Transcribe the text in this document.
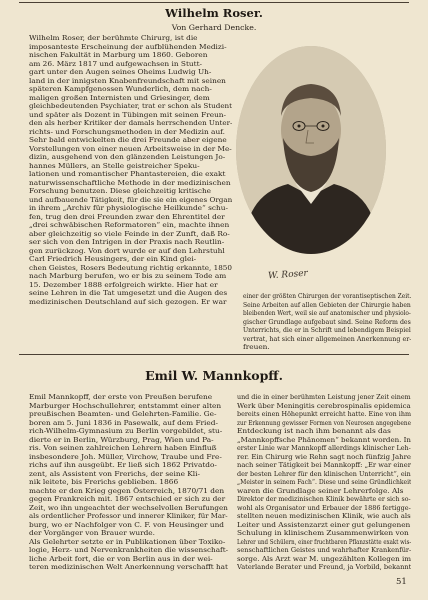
Wilhelm Roser.
Von Gerhard Dencke.
Wilhelm Roser, der berühmte Chirurg, ist die
imposanteste Erscheinung der aufblühenden Medizi-
nischen Fakultät in Marburg um 1860. Geboren
am 26. März 1817 und aufgewachsen in Stutt-
gart unter den Augen seines Oheims Ludwig Uh-
land in der innigsten Knabenfreundschaft mit seinen
späteren Kampfgenossen Wunderlich, dem nach-
maligen großen Internisten und Griesinger, dem
gleichbedeutenden Psychiater, trat er schon als Student
und später als Dozent in Tübingen mit seinen Freun-
den als herber Kritiker der damals herrschenden Unter-
richts- und Forschungsmethoden in der Medizin auf.
Sehr bald entwickelten die drei Freunde aber eigene
Vorstellungen von einer neuen Arbeitsweise in der Me-
dizin, ausgehend von den glänzenden Leistungen Jo-
hannes Müllers, an Stelle geistreicher Speku-
lationen und romantischer Phantastereien, die exakt
naturwissenschaftliche Methode in der medizinischen
Forschung benutzen. Diese gleichzeitig kritische
und aufbauende Tätigkeit, für die sie ein eigenes Organ
in ihrem „Archiv für physiologische Heilkunde“ schu-
fen, trug den drei Freunden zwar den Ehrentitel der
„drei schwäbischen Reformatoren“ ein, machte ihnen
aber gleichzeitig so viele Feinde in der Zunft, daß Ro-
ser sich von den Intrigen in der Praxis nach Reutlin-
gen zurückzog. Von dort wurde er auf den Lehrstuhl
Carl Friedrich Heusingers, der ein Kind glei-
chen Geistes, Rosers Bedeutung richtig erkannte, 1850
nach Marburg berufen, wo er bis zu seinem Tode am
15. Dezember 1888 erfolgreich wirkte. Hier hat er
seine Lehren in die Tat umgesetzt und die Augen des
medizinischen Deutschland auf sich gezogen. Er war
W. Roser
einer der größten Chirurgen der vorantiseptischen Zeit.
Seine Arbeiten auf allen Gebieten der Chirurgie haben
bleibenden Wert, weil sie auf anatomischer und physiolo-
gischer Grundlage aufgebaut sind. Seine Reform des
Unterrichts, die er in Schrift und lebendigem Beispiel
vertrat, hat sich einer allgemeinen Anerkennung er-
freuen.
Emil W. Mannkopff.
Emil Mannkopff, der erste von Preußen berufene
Marburger Hochschullehrer, entstammt einer alten
preußischen Beamten- und Gelehrten-Familie. Ge-
boren am 5. Juni 1836 in Pasewalk, auf dem Fried-
rich-Wilhelm-Gymnasium zu Berlin vorgebildet, stu-
dierte er in Berlin, Würzburg, Prag, Wien und Pa-
ris. Von seinen zahlreichen Lehrern haben Einfluß
insbesondere Joh. Müller, Virchow, Traube und Fre-
richs auf ihn ausgeübt. Er ließ sich 1862 Privatdo-
zent, als Assistent von Frerichs, der seine Kli-
nik leitete, bis Frerichs geblieben. 1866
machte er den Krieg gegen Österreich, 1870/71 den
gegen Frankreich mit. 1867 entschied er sich zu der
Zeit, wo ihn ungeachtet der wechselvollen Berufungen
als ordentlicher Professor und innerer Kliniker, für Mar-
burg, wo er Nachfolger von C. F. von Heusinger und
der Vorgänger von Brauer wurde.
Als Gelehrter setzte er in Publikationen über Toxiko-
logie, Herz- und Nervenkrankheiten die wissenschaft-
liche Arbeit fort, die er von Berlin aus in der wei-
teren medizinischen Welt Anerkennung verschafft hat
und die in einer berühmten Leistung jener Zeit einem
Werk über Meningitis cerebrospinalis epidemica
bereits einen Höhepunkt erreicht hatte. Eine von ihm
zur Erkennung gewisser Formen von Neurosen angegebene
Entdeckung ist nach ihm benannt als das
„Mannkopffsche Phänomen“ bekannt worden. In
erster Linie war Mannkopff allerdings klinischer Leh-
rer. Ein Chirurg wie Rehn sagt noch fünfzig Jahre
nach seiner Tätigkeit bei Mannkopff: „Er war einer
der besten Lehrer für den klinischen Unterricht“, ein
„Meister in seinem Fach“. Diese und seine Gründlichkeit
waren die Grundlage seiner Lehrerfolge. Als
Direktor der medizinischen Klinik bewährte er sich so-
wohl als Organisator und Erbauer der 1886 fertigge-
stellten neuen medizinischen Klinik, wie auch als
Leiter und Assistenzarzt einer gut gelungenen
Schulung in klinischem Zusammenwirken von
Lehrer und Schülern, einer fruchtbaren Pflanzstätte exakt wis-
senschaftlichen Geistes und wahrhafter Krankenfür-
sorge. Als Arzt war M. ungezählten Kollegen im
Vaterlande Berater und Freund, ja Vorbild, bekannt
51
